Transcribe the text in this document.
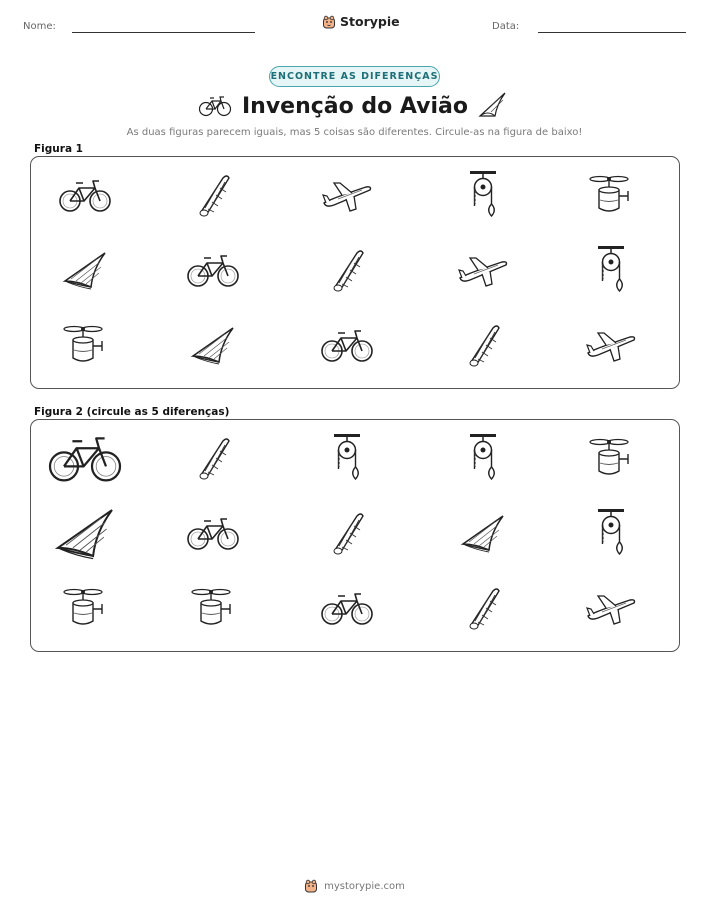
Nome:	Storypie	Data:
ENCONTRE AS DIFERENÇAS
Invenção do Avião
As duas figuras parecem iguais, mas 5 coisas são diferentes. Circule-as na figura de baixo!
Figura 1
Figura 2 (circule as 5 diferenças)
mystorypie.com
